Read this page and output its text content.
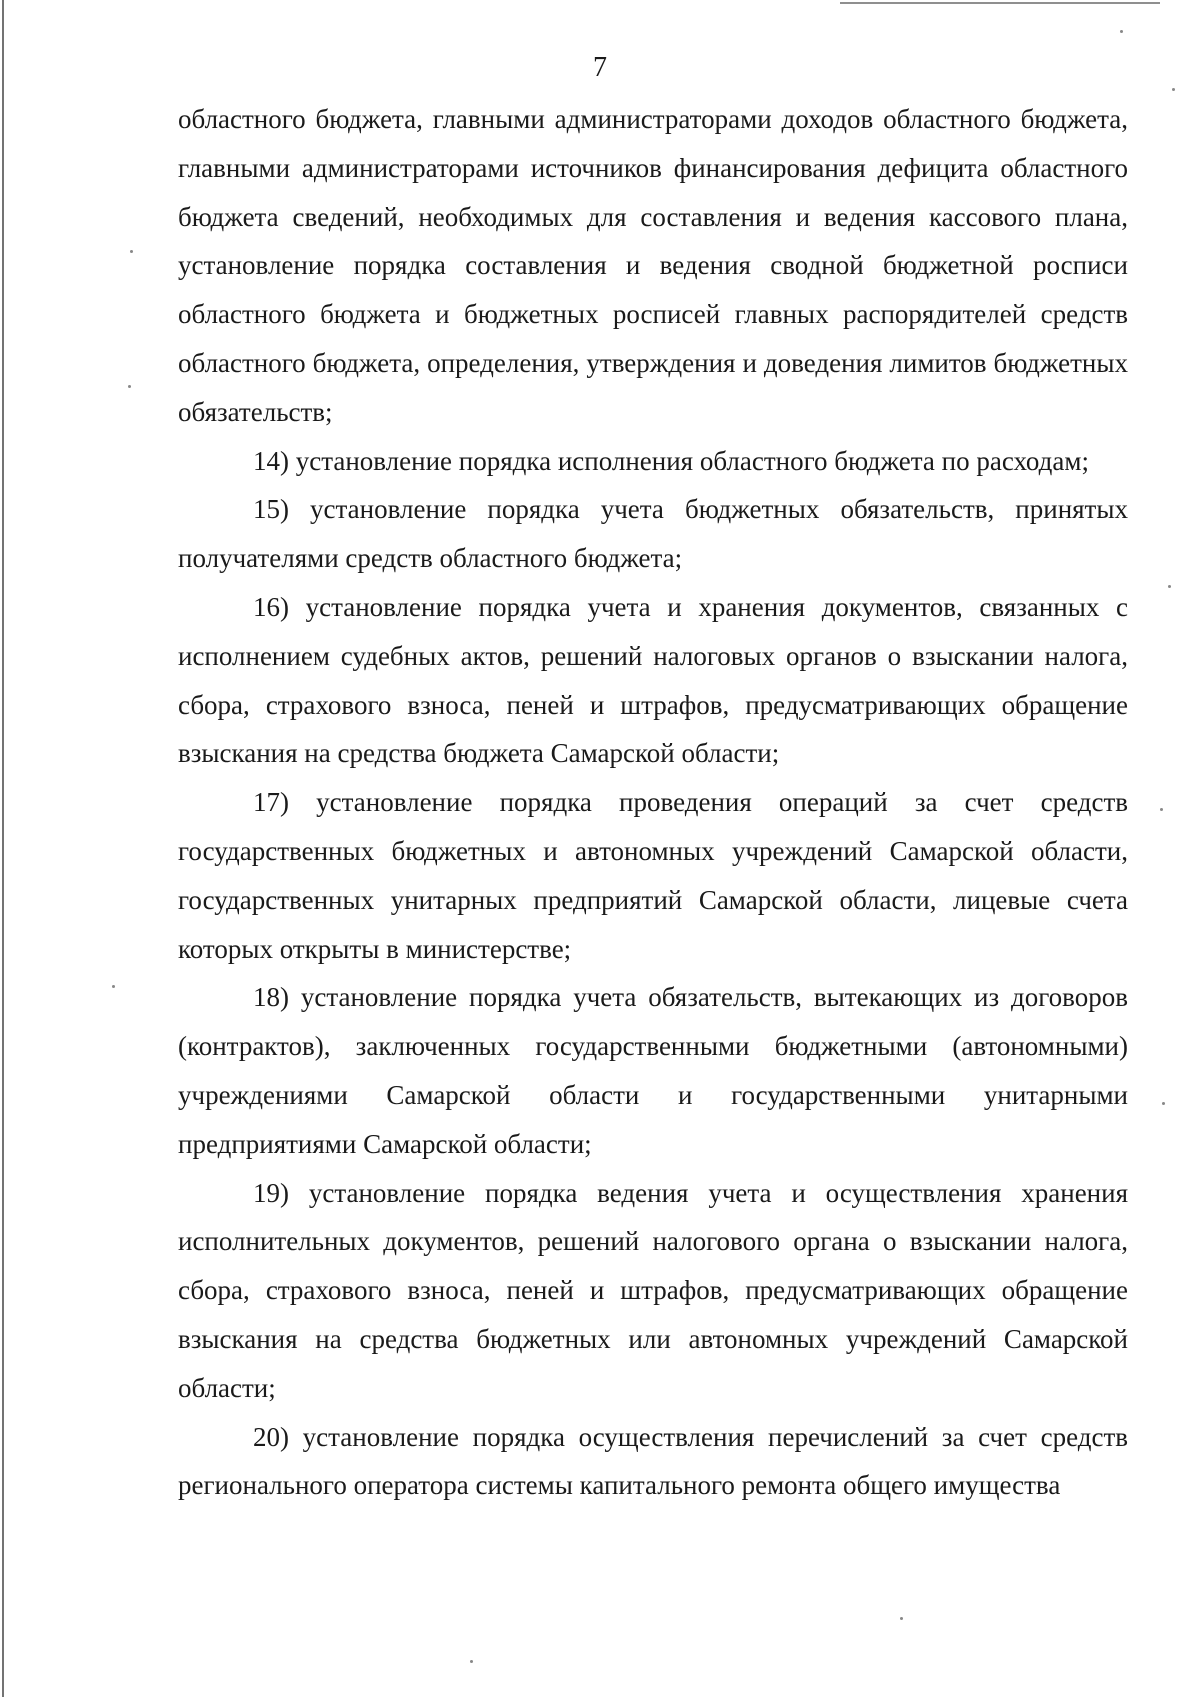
7

областного бюджета, главными администраторами доходов областного бюджета, главными администраторами источников финансирования дефицита областного бюджета сведений, необходимых для составления и ведения кассового плана, установление порядка составления и ведения сводной бюджетной росписи областного бюджета и бюджетных росписей главных распорядителей средств областного бюджета, определения, утверждения и доведения лимитов бюджетных обязательств;

14) установление порядка исполнения областного бюджета по расходам;

15) установление порядка учета бюджетных обязательств, принятых получателями средств областного бюджета;

16) установление порядка учета и хранения документов, связанных с исполнением судебных актов, решений налоговых органов о взыскании налога, сбора, страхового взноса, пеней и штрафов, предусматривающих обращение взыскания на средства бюджета Самарской области;

17) установление порядка проведения операций за счет средств государственных бюджетных и автономных учреждений Самарской области, государственных унитарных предприятий Самарской области, лицевые счета которых открыты в министерстве;

18) установление порядка учета обязательств, вытекающих из договоров (контрактов), заключенных государственными бюджетными (автономными) учреждениями Самарской области и государственными унитарными предприятиями Самарской области;

19) установление порядка ведения учета и осуществления хранения исполнительных документов, решений налогового органа о взыскании налога, сбора, страхового взноса, пеней и штрафов, предусматривающих обращение взыскания на средства бюджетных или автономных учреждений Самарской области;

20) установление порядка осуществления перечислений за счет средств регионального оператора системы капитального ремонта общего имущества
